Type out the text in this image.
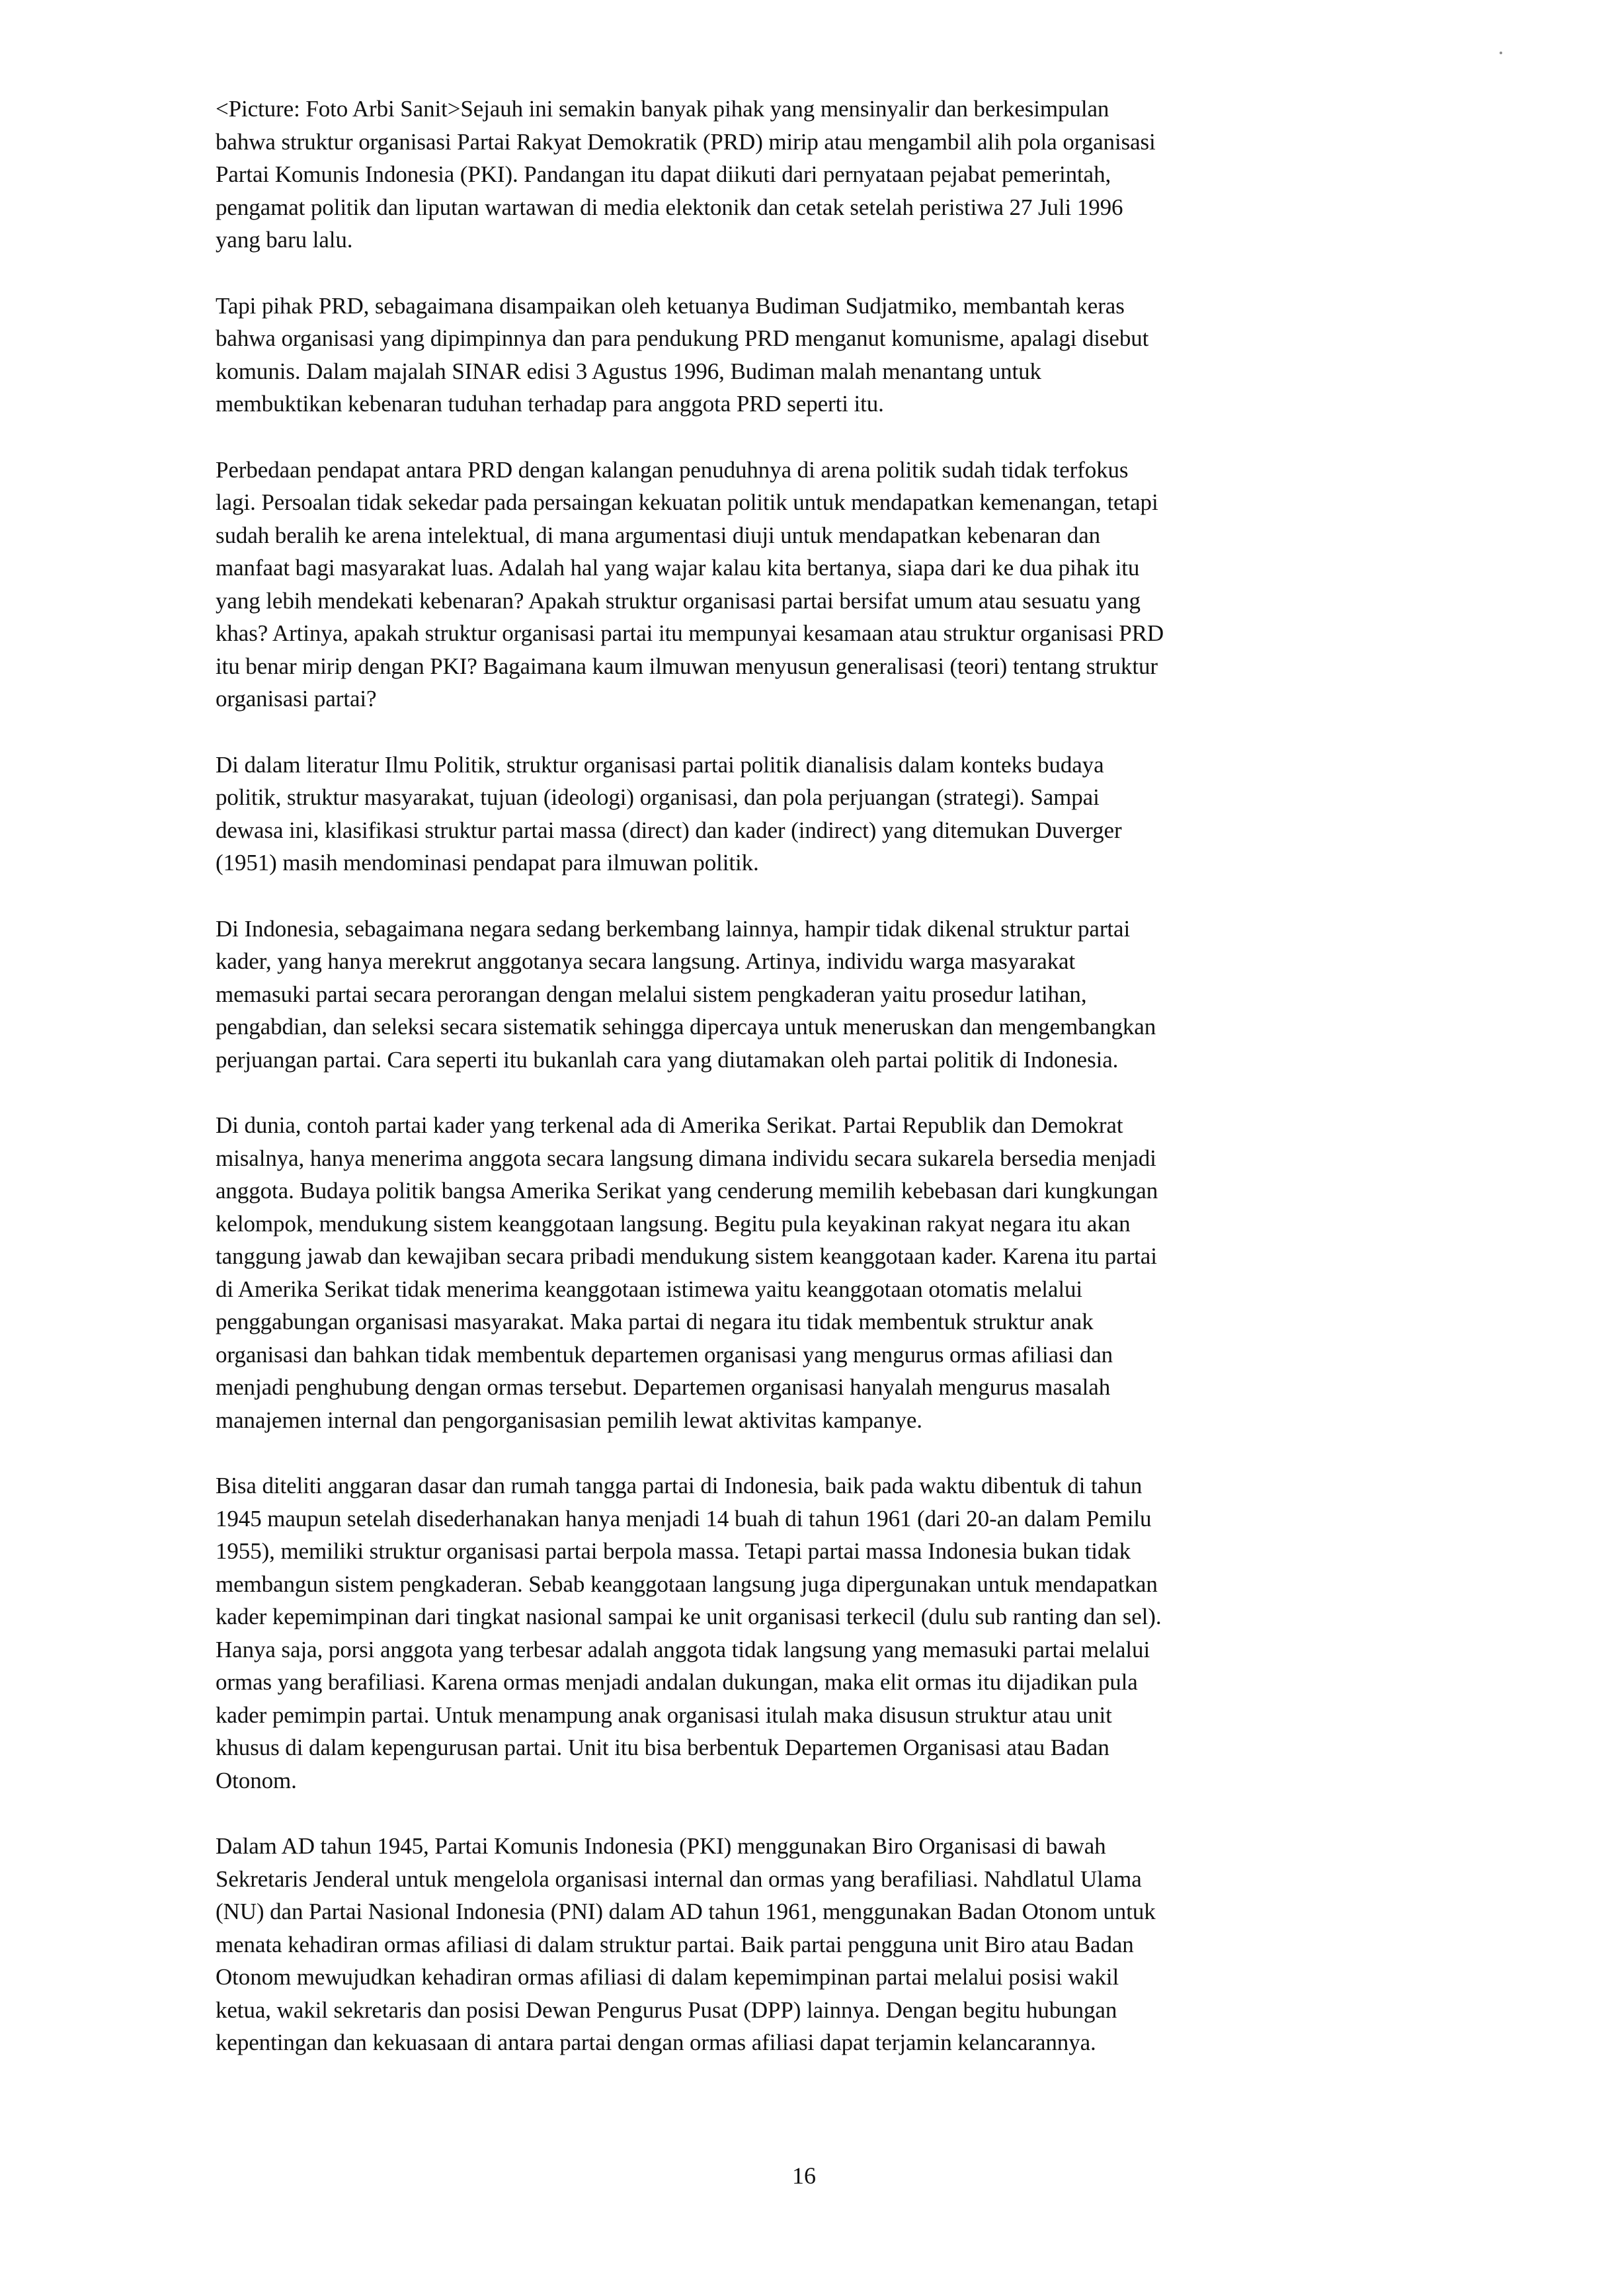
<Picture: Foto Arbi Sanit>Sejauh ini semakin banyak pihak yang mensinyalir dan berkesimpulan
bahwa struktur organisasi Partai Rakyat Demokratik (PRD) mirip atau mengambil alih pola organisasi
Partai Komunis Indonesia (PKI). Pandangan itu dapat diikuti dari pernyataan pejabat pemerintah,
pengamat politik dan liputan wartawan di media elektonik dan cetak setelah peristiwa 27 Juli 1996
yang baru lalu.

Tapi pihak PRD, sebagaimana disampaikan oleh ketuanya Budiman Sudjatmiko, membantah keras
bahwa organisasi yang dipimpinnya dan para pendukung PRD menganut komunisme, apalagi disebut
komunis. Dalam majalah SINAR edisi 3 Agustus 1996, Budiman malah menantang untuk
membuktikan kebenaran tuduhan terhadap para anggota PRD seperti itu.

Perbedaan pendapat antara PRD dengan kalangan penuduhnya di arena politik sudah tidak terfokus
lagi. Persoalan tidak sekedar pada persaingan kekuatan politik untuk mendapatkan kemenangan, tetapi
sudah beralih ke arena intelektual, di mana argumentasi diuji untuk mendapatkan kebenaran dan
manfaat bagi masyarakat luas. Adalah hal yang wajar kalau kita bertanya, siapa dari ke dua pihak itu
yang lebih mendekati kebenaran? Apakah struktur organisasi partai bersifat umum atau sesuatu yang
khas? Artinya, apakah struktur organisasi partai itu mempunyai kesamaan atau struktur organisasi PRD
itu benar mirip dengan PKI? Bagaimana kaum ilmuwan menyusun generalisasi (teori) tentang struktur
organisasi partai?

Di dalam literatur Ilmu Politik, struktur organisasi partai politik dianalisis dalam konteks budaya
politik, struktur masyarakat, tujuan (ideologi) organisasi, dan pola perjuangan (strategi). Sampai
dewasa ini, klasifikasi struktur partai massa (direct) dan kader (indirect) yang ditemukan Duverger
(1951) masih mendominasi pendapat para ilmuwan politik.

Di Indonesia, sebagaimana negara sedang berkembang lainnya, hampir tidak dikenal struktur partai
kader, yang hanya merekrut anggotanya secara langsung. Artinya, individu warga masyarakat
memasuki partai secara perorangan dengan melalui sistem pengkaderan yaitu prosedur latihan,
pengabdian, dan seleksi secara sistematik sehingga dipercaya untuk meneruskan dan mengembangkan
perjuangan partai. Cara seperti itu bukanlah cara yang diutamakan oleh partai politik di Indonesia.

Di dunia, contoh partai kader yang terkenal ada di Amerika Serikat. Partai Republik dan Demokrat
misalnya, hanya menerima anggota secara langsung dimana individu secara sukarela bersedia menjadi
anggota. Budaya politik bangsa Amerika Serikat yang cenderung memilih kebebasan dari kungkungan
kelompok, mendukung sistem keanggotaan langsung. Begitu pula keyakinan rakyat negara itu akan
tanggung jawab dan kewajiban secara pribadi mendukung sistem keanggotaan kader. Karena itu partai
di Amerika Serikat tidak menerima keanggotaan istimewa yaitu keanggotaan otomatis melalui
penggabungan organisasi masyarakat. Maka partai di negara itu tidak membentuk struktur anak
organisasi dan bahkan tidak membentuk departemen organisasi yang mengurus ormas afiliasi dan
menjadi penghubung dengan ormas tersebut. Departemen organisasi hanyalah mengurus masalah
manajemen internal dan pengorganisasian pemilih lewat aktivitas kampanye.

Bisa diteliti anggaran dasar dan rumah tangga partai di Indonesia, baik pada waktu dibentuk di tahun
1945 maupun setelah disederhanakan hanya menjadi 14 buah di tahun 1961 (dari 20-an dalam Pemilu
1955), memiliki struktur organisasi partai berpola massa. Tetapi partai massa Indonesia bukan tidak
membangun sistem pengkaderan. Sebab keanggotaan langsung juga dipergunakan untuk mendapatkan
kader kepemimpinan dari tingkat nasional sampai ke unit organisasi terkecil (dulu sub ranting dan sel).
Hanya saja, porsi anggota yang terbesar adalah anggota tidak langsung yang memasuki partai melalui
ormas yang berafiliasi. Karena ormas menjadi andalan dukungan, maka elit ormas itu dijadikan pula
kader pemimpin partai. Untuk menampung anak organisasi itulah maka disusun struktur atau unit
khusus di dalam kepengurusan partai. Unit itu bisa berbentuk Departemen Organisasi atau Badan
Otonom.

Dalam AD tahun 1945, Partai Komunis Indonesia (PKI) menggunakan Biro Organisasi di bawah
Sekretaris Jenderal untuk mengelola organisasi internal dan ormas yang berafiliasi. Nahdlatul Ulama
(NU) dan Partai Nasional Indonesia (PNI) dalam AD tahun 1961, menggunakan Badan Otonom untuk
menata kehadiran ormas afiliasi di dalam struktur partai. Baik partai pengguna unit Biro atau Badan
Otonom mewujudkan kehadiran ormas afiliasi di dalam kepemimpinan partai melalui posisi wakil
ketua, wakil sekretaris dan posisi Dewan Pengurus Pusat (DPP) lainnya. Dengan begitu hubungan
kepentingan dan kekuasaan di antara partai dengan ormas afiliasi dapat terjamin kelancarannya.

16
